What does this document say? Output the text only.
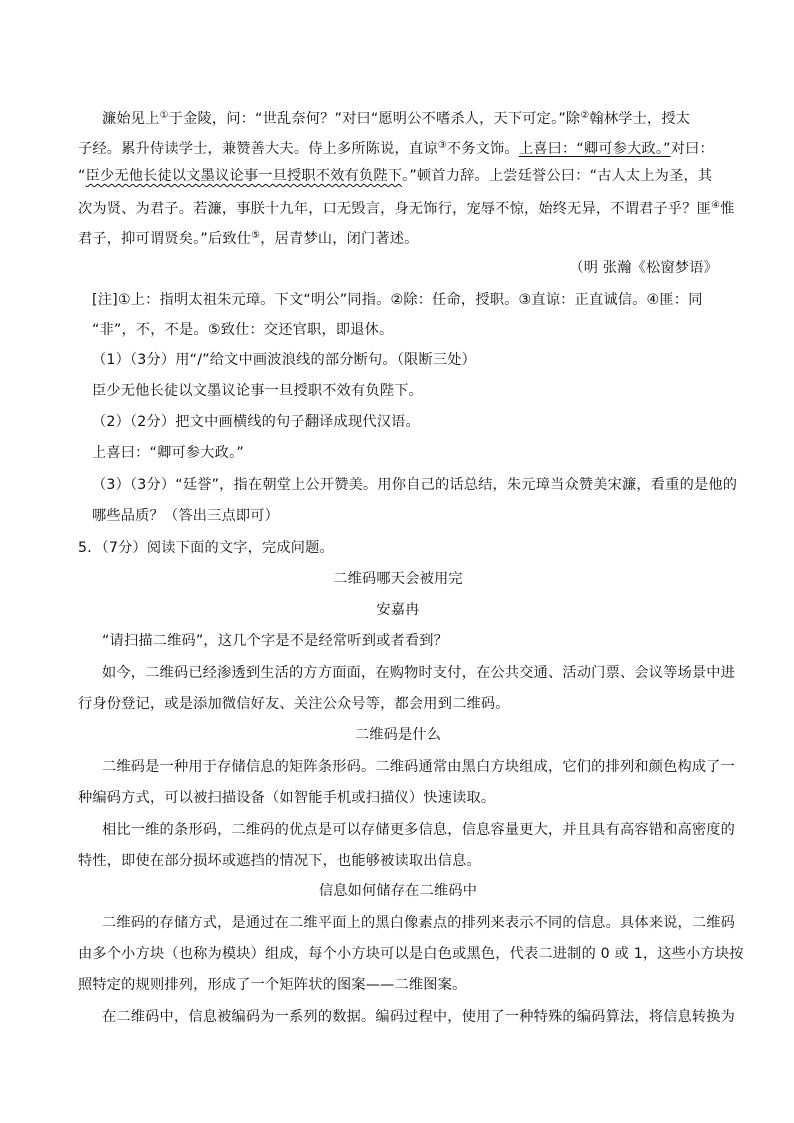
濂始见上①于金陵，问：“世乱奈何？”对曰“愿明公不嗜杀人，天下可定。”除②翰林学士，授太
子经。累升侍读学士，兼赞善大夫。侍上多所陈说，直谅③不务文饰。上喜曰：“卿可参大政。”对曰：
“臣少无他长徒以文墨议论事一旦授职不效有负陛下。”顿首力辞。上尝廷誉公曰：“古人太上为圣，其
次为贤、为君子。若濂，事朕十九年，口无毁言，身无饰行，宠辱不惊，始终无异，不谓君子乎？匪④惟
君子，抑可谓贤矣。”后致仕⑤，居青梦山，闭门著述。
（明 张瀚《松窗梦语》
[注]①上：指明太祖朱元璋。下文“明公”同指。②除：任命，授职。③直谅：正直诚信。④匪：同
“非”，不，不是。⑤致仕：交还官职，即退休。
（1）（3分）用“/”给文中画波浪线的部分断句。（限断三处）
臣少无他长徒以文墨议论事一旦授职不效有负陛下。
（2）（2分）把文中画横线的句子翻译成现代汉语。
上喜曰：“卿可参大政。”
（3）（3分）“廷誉”，指在朝堂上公开赞美。用你自己的话总结，朱元璋当众赞美宋濂，看重的是他的
哪些品质？（答出三点即可）
5．（7分）阅读下面的文字，完成问题。
二维码哪天会被用完
安嘉冉
“请扫描二维码”，这几个字是不是经常听到或者看到？
如今，二维码已经渗透到生活的方方面面，在购物时支付，在公共交通、活动门票、会议等场景中进
行身份登记，或是添加微信好友、关注公众号等，都会用到二维码。
二维码是什么
二维码是一种用于存储信息的矩阵条形码。二维码通常由黑白方块组成，它们的排列和颜色构成了一
种编码方式，可以被扫描设备（如智能手机或扫描仪）快速读取。
相比一维的条形码，二维码的优点是可以存储更多信息，信息容量更大，并且具有高容错和高密度的
特性，即使在部分损坏或遮挡的情况下，也能够被读取出信息。
信息如何储存在二维码中
二维码的存储方式，是通过在二维平面上的黑白像素点的排列来表示不同的信息。具体来说，二维码
由多个小方块（也称为模块）组成，每个小方块可以是白色或黑色，代表二进制的 0 或 1，这些小方块按
照特定的规则排列，形成了一个矩阵状的图案——二维图案。
在二维码中，信息被编码为一系列的数据。编码过程中，使用了一种特殊的编码算法，将信息转换为
